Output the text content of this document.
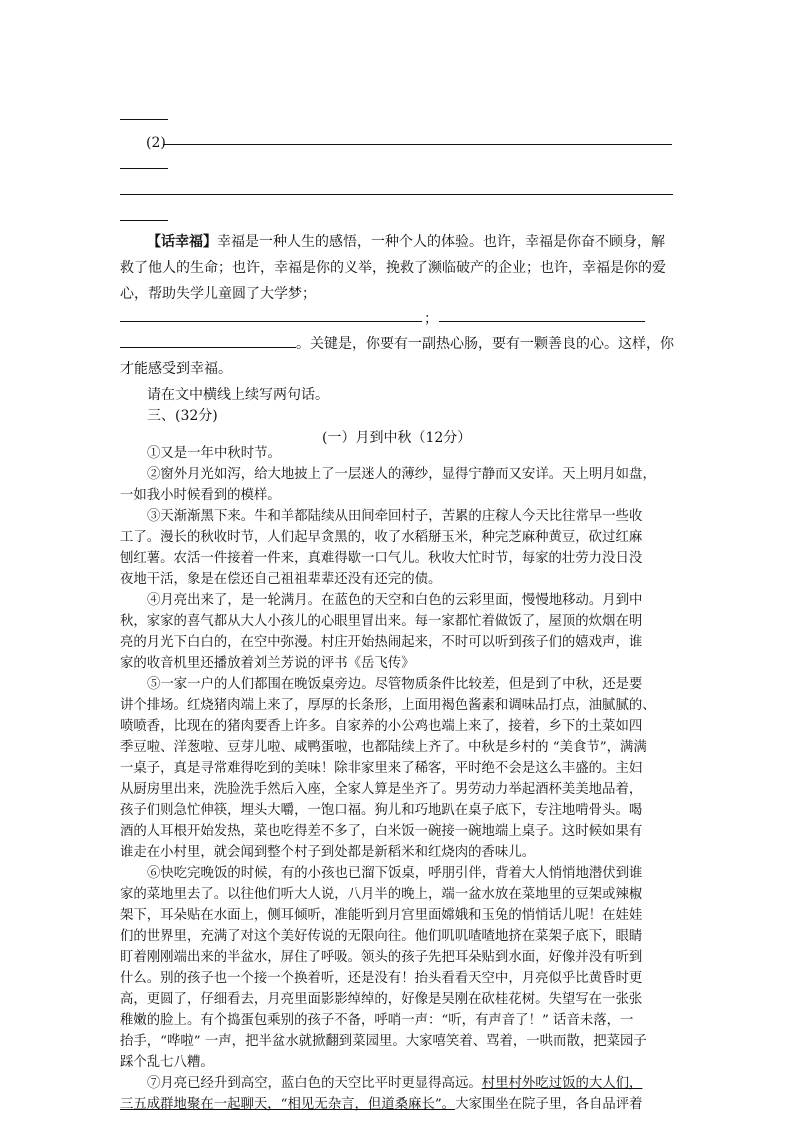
(2)
【话幸福】幸福是一种人生的感悟，一种个人的体验。也许，幸福是你奋不顾身，解
救了他人的生命；也许，幸福是你的义举，挽救了濒临破产的企业；也许，幸福是你的爱
心，帮助失学儿童圆了大学梦；
；
。关键是，你要有一副热心肠，要有一颗善良的心。这样，你
才能感受到幸福。
请在文中横线上续写两句话。
三、(32分)
(一）月到中秋（12分）
①又是一年中秋时节。
②窗外月光如泻，给大地披上了一层迷人的薄纱，显得宁静而又安详。天上明月如盘，
一如我小时候看到的模样。
③天渐渐黑下来。牛和羊都陆续从田间牵回村子，苦累的庄稼人今天比往常早一些收
工了。漫长的秋收时节，人们起早贪黑的，收了水稻掰玉米，种完芝麻种黄豆，砍过红麻
刨红薯。农活一件接着一件来，真难得歇一口气儿。秋收大忙时节，每家的壮劳力没日没
夜地干活，象是在偿还自己祖祖辈辈还没有还完的债。
④月亮出来了，是一轮满月。在蓝色的天空和白色的云彩里面，慢慢地移动。月到中
秋，家家的喜气都从大人小孩儿的心眼里冒出来。每一家都忙着做饭了，屋顶的炊烟在明
亮的月光下白白的，在空中弥漫。村庄开始热闹起来，不时可以听到孩子们的嬉戏声，谁
家的收音机里还播放着刘兰芳说的评书《岳飞传》
⑤一家一户的人们都围在晚饭桌旁边。尽管物质条件比较差，但是到了中秋，还是要
讲个排场。红烧猪肉端上来了，厚厚的长条形，上面用褐色酱素和调味品打点，油腻腻的、
喷喷香，比现在的猪肉要香上许多。自家养的小公鸡也端上来了，接着，乡下的土菜如四
季豆啦、洋葱啦、豆芽儿啦、咸鸭蛋啦，也都陆续上齐了。中秋是乡村的 “美食节”，满满
一桌子，真是寻常难得吃到的美味！除非家里来了稀客，平时绝不会是这么丰盛的。主妇
从厨房里出来，洗脸洗手然后入座，全家人算是坐齐了。男劳动力举起酒杯美美地品着，
孩子们则急忙伸筷，埋头大嚼，一饱口福。狗儿和巧地趴在桌子底下，专注地啃骨头。喝
酒的人耳根开始发热，菜也吃得差不多了，白米饭一碗接一碗地端上桌子。这时候如果有
谁走在小村里，就会闻到整个村子到处都是新稻米和红烧肉的香味儿。
⑥快吃完晚饭的时候，有的小孩也已溜下饭桌，呼朋引伴，背着大人悄悄地潜伏到谁
家的菜地里去了。以往他们听大人说，八月半的晚上，端一盆水放在菜地里的豆架或辣椒
架下，耳朵贴在水面上，侧耳倾听，准能听到月宫里面嫦娥和玉兔的悄悄话儿呢！在娃娃
们的世界里，充满了对这个美好传说的无限向往。他们叽叽喳喳地挤在菜架子底下，眼睛
盯着刚刚端出来的半盆水，屏住了呼吸。领头的孩子先把耳朵贴到水面，好像并没有听到
什么。别的孩子也一个接一个换着听，还是没有！抬头看看天空中，月亮似乎比黄昏时更
高，更圆了，仔细看去，月亮里面影影绰绰的，好像是吴刚在砍桂花树。失望写在一张张
稚嫩的脸上。有个捣蛋包乘别的孩子不备，呼哨一声：“听，有声音了！” 话音未落，一
抬手，“哗啦” 一声，把半盆水就掀翻到菜园里。大家嘻笑着、骂着，一哄而散，把菜园子
踩个乱七八糟。
⑦月亮已经升到高空，蓝白色的天空比平时更显得高远。村里村外吃过饭的大人们，
三五成群地聚在一起聊天，“相见无杂言，但道桑麻长”。大家围坐在院子里，各自品评着
